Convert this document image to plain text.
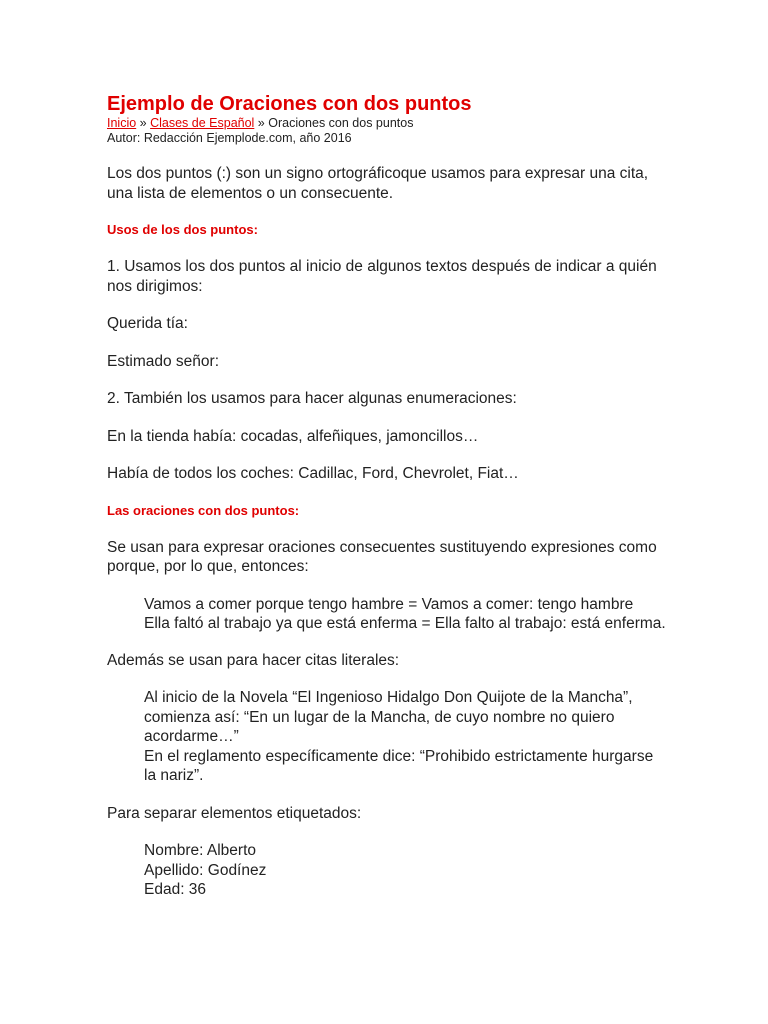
Ejemplo de Oraciones con dos puntos
Inicio » Clases de Español » Oraciones con dos puntos
Autor: Redacción Ejemplode.com, año 2016

Los dos puntos (:) son un signo ortográficoque usamos para expresar una cita, una lista de elementos o un consecuente.

Usos de los dos puntos:

1. Usamos los dos puntos al inicio de algunos textos después de indicar a quién nos dirigimos:

Querida tía:

Estimado señor:

2. También los usamos para hacer algunas enumeraciones:

En la tienda había: cocadas, alfeñiques, jamoncillos…

Había de todos los coches: Cadillac, Ford, Chevrolet, Fiat…

Las oraciones con dos puntos:

Se usan para expresar oraciones consecuentes sustituyendo expresiones como porque, por lo que, entonces:

Vamos a comer porque tengo hambre = Vamos a comer: tengo hambre

Ella faltó al trabajo ya que está enferma = Ella falto al trabajo: está enferma.

Además se usan para hacer citas literales:

Al inicio de la Novela “El Ingenioso Hidalgo Don Quijote de la Mancha”, comienza así: “En un lugar de la Mancha, de cuyo nombre no quiero acordarme…”

En el reglamento específicamente dice: “Prohibido estrictamente hurgarse la nariz”.

Para separar elementos etiquetados:

Nombre: Alberto

Apellido: Godínez

Edad: 36
